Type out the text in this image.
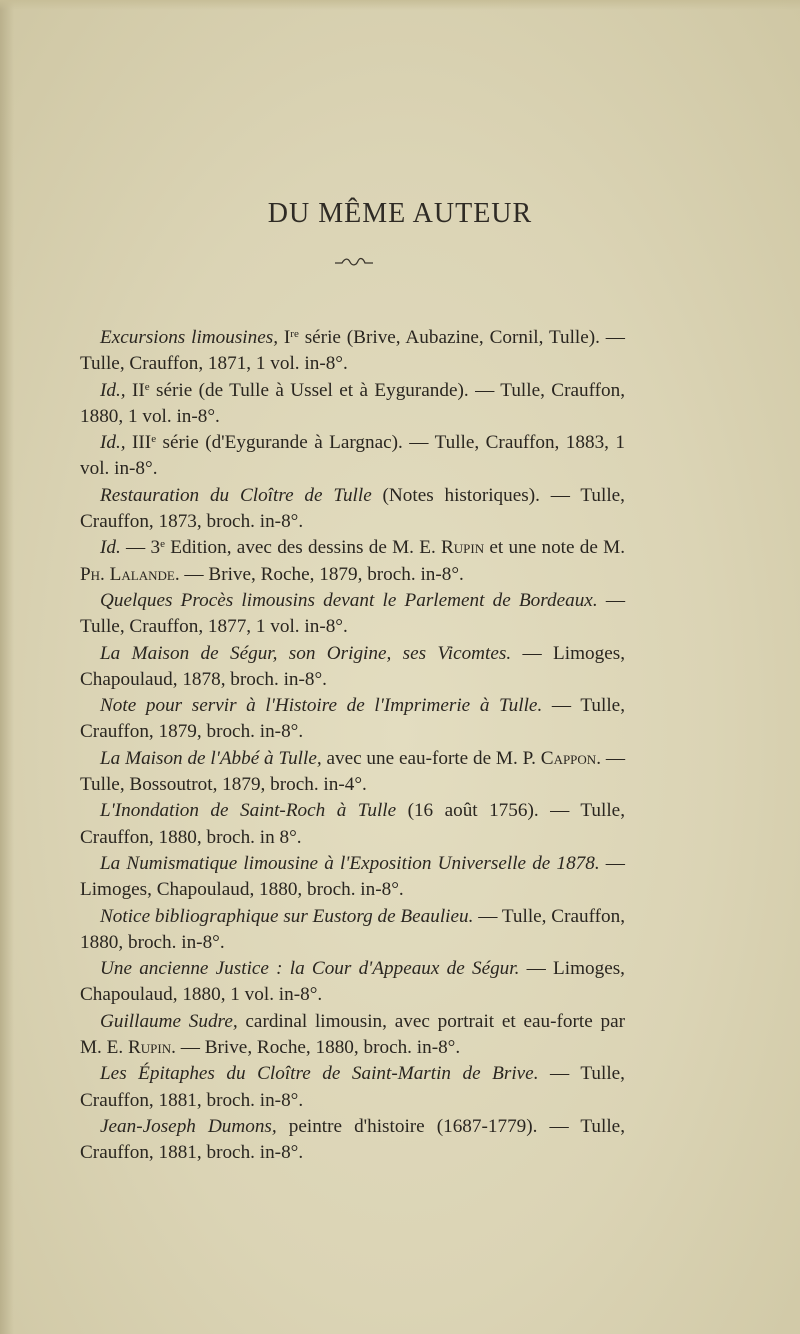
DU MÊME AUTEUR

Excursions limousines, Ire série (Brive, Aubazine, Cornil, Tulle). — Tulle, Crauffon, 1871, 1 vol. in-8°.

Id., IIe série (de Tulle à Ussel et à Eygurande). — Tulle, Crauffon, 1880, 1 vol. in-8°.

Id., IIIe série (d'Eygurande à Largnac). — Tulle, Crauffon, 1883, 1 vol. in-8°.

Restauration du Cloître de Tulle (Notes historiques). — Tulle, Crauffon, 1873, broch. in-8°.

Id. — 3e Edition, avec des dessins de M. E. Rupin et une note de M. Ph. Lalande. — Brive, Roche, 1879, broch. in-8°.

Quelques Procès limousins devant le Parlement de Bordeaux. — Tulle, Crauffon, 1877, 1 vol. in-8°.

La Maison de Ségur, son Origine, ses Vicomtes. — Limoges, Chapoulaud, 1878, broch. in-8°.

Note pour servir à l'Histoire de l'Imprimerie à Tulle. — Tulle, Crauffon, 1879, broch. in-8°.

La Maison de l'Abbé à Tulle, avec une eau-forte de M. P. Cappon. — Tulle, Bossoutrot, 1879, broch. in-4°.

L'Inondation de Saint-Roch à Tulle (16 août 1756). — Tulle, Crauffon, 1880, broch. in 8°.

La Numismatique limousine à l'Exposition Universelle de 1878. — Limoges, Chapoulaud, 1880, broch. in-8°.

Notice bibliographique sur Eustorg de Beaulieu. — Tulle, Crauffon, 1880, broch. in-8°.

Une ancienne Justice : la Cour d'Appeaux de Ségur. — Limoges, Chapoulaud, 1880, 1 vol. in-8°.

Guillaume Sudre, cardinal limousin, avec portrait et eau-forte par M. E. Rupin. — Brive, Roche, 1880, broch. in-8°.

Les Épitaphes du Cloître de Saint-Martin de Brive. — Tulle, Crauffon, 1881, broch. in-8°.

Jean-Joseph Dumons, peintre d'histoire (1687-1779). — Tulle, Crauffon, 1881, broch. in-8°.
